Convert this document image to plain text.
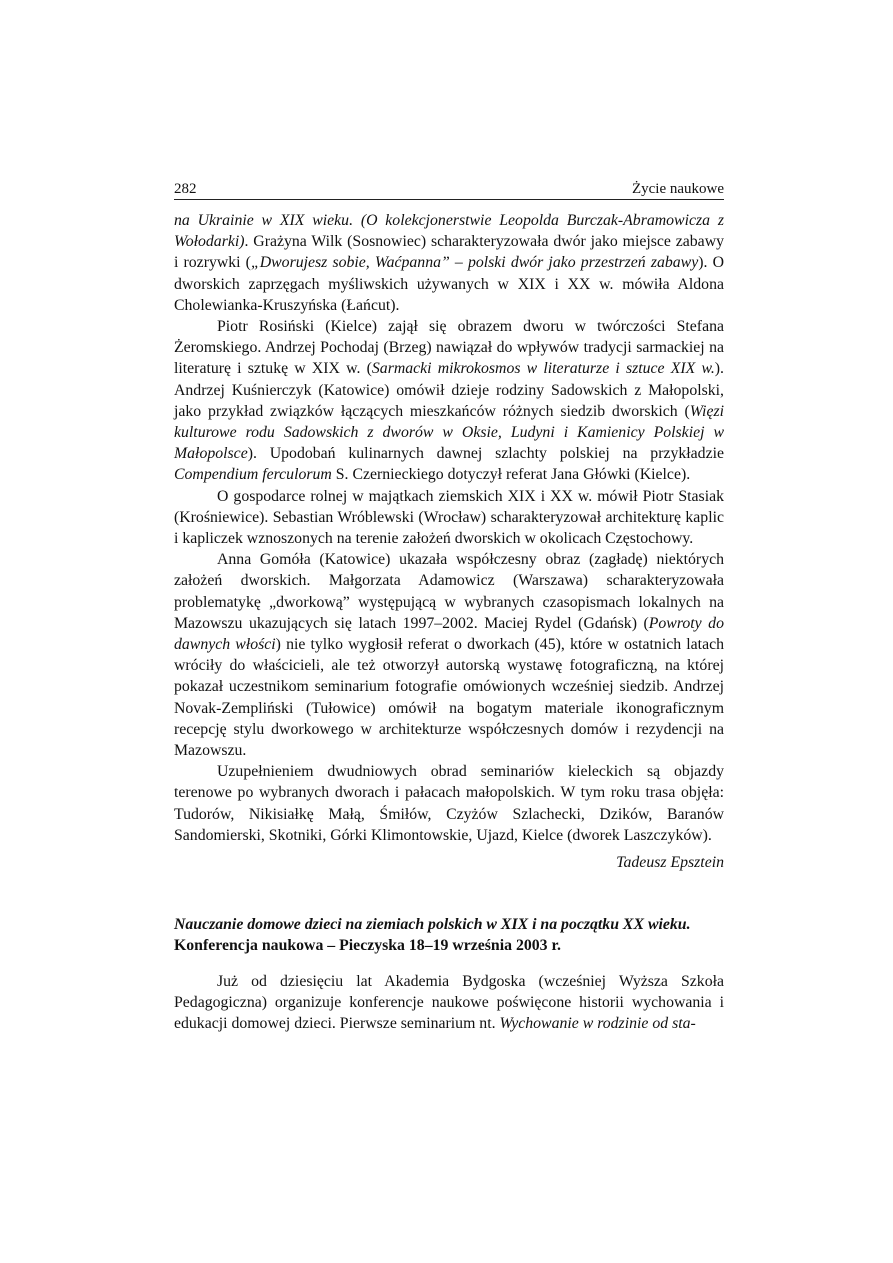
282	Życie naukowe

na Ukrainie w XIX wieku. (O kolekcjonerstwie Leopolda Burczak-Abramowicza z Wołodarki). Grażyna Wilk (Sosnowiec) scharakteryzowała dwór jako miejsce zabawy i rozrywki („Dworujesz sobie, Waćpanna” – polski dwór jako przestrzeń zabawy). O dworskich zaprzęgach myśliwskich używanych w XIX i XX w. mówiła Aldona Cholewianka-Kruszyńska (Łańcut).

Piotr Rosiński (Kielce) zajął się obrazem dworu w twórczości Stefana Żeromskiego. Andrzej Pochodaj (Brzeg) nawiązał do wpływów tradycji sarmackiej na literaturę i sztukę w XIX w. (Sarmacki mikrokosmos w literaturze i sztuce XIX w.). Andrzej Kuśnierczyk (Katowice) omówił dzieje rodziny Sadowskich z Małopolski, jako przykład związków łączących mieszkańców różnych siedzib dworskich (Więzi kulturowe rodu Sadowskich z dworów w Oksie, Ludyni i Kamienicy Polskiej w Małopolsce). Upodobań kulinarnych dawnej szlachty polskiej na przykładzie Compendium ferculorum S. Czernieckiego dotyczył referat Jana Główki (Kielce).

O gospodarce rolnej w majątkach ziemskich XIX i XX w. mówił Piotr Stasiak (Krośniewice). Sebastian Wróblewski (Wrocław) scharakteryzował architekturę kaplic i kapliczek wznoszonych na terenie założeń dworskich w okolicach Częstochowy.

Anna Gomóła (Katowice) ukazała współczesny obraz (zagładę) niektórych założeń dworskich. Małgorzata Adamowicz (Warszawa) scharakteryzowała problematykę „dworkową” występującą w wybranych czasopismach lokalnych na Mazowszu ukazujących się latach 1997–2002. Maciej Rydel (Gdańsk) (Powroty do dawnych włości) nie tylko wygłosił referat o dworkach (45), które w ostatnich latach wróciły do właścicieli, ale też otworzył autorską wystawę fotograficzną, na której pokazał uczestnikom seminarium fotografie omówionych wcześniej siedzib. Andrzej Novak-Zempliński (Tułowice) omówił na bogatym materiale ikonograficznym recepcję stylu dworkowego w architekturze współczesnych domów i rezydencji na Mazowszu.

Uzupełnieniem dwudniowych obrad seminariów kieleckich są objazdy terenowe po wybranych dworach i pałacach małopolskich. W tym roku trasa objęła: Tudorów, Nikisiałkę Małą, Śmiłów, Czyżów Szlachecki, Dzików, Baranów Sandomierski, Skotniki, Górki Klimontowskie, Ujazd, Kielce (dworek Laszczyków).

Tadeusz Epsztein
Nauczanie domowe dzieci na ziemiach polskich w XIX i na początku XX wieku.
Konferencja naukowa – Pieczyska 18–19 września 2003 r.

Już od dziesięciu lat Akademia Bydgoska (wcześniej Wyższa Szkoła Pedagogiczna) organizuje konferencje naukowe poświęcone historii wychowania i edukacji domowej dzieci. Pierwsze seminarium nt. Wychowanie w rodzinie od sta-
